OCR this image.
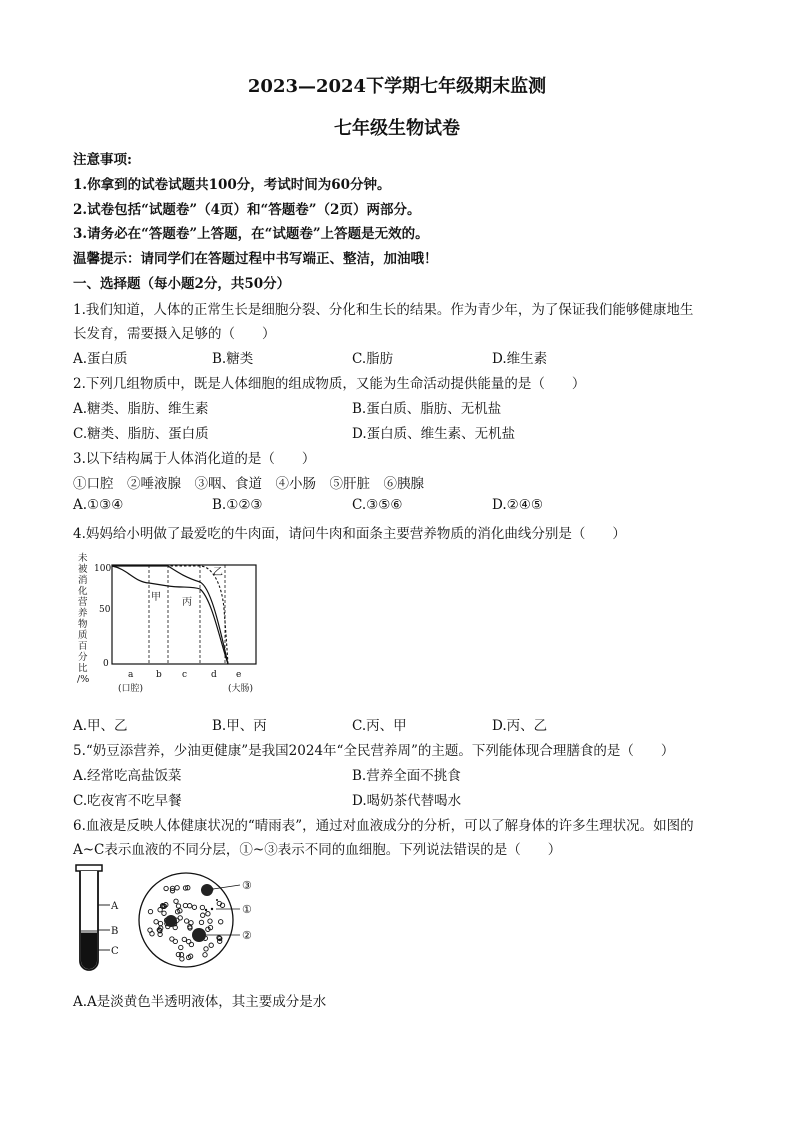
2023—2024下学期七年级期末监测
七年级生物试卷
注意事项:
1.你拿到的试卷试题共100分，考试时间为60分钟。
2.试卷包括“试题卷”（4页）和“答题卷”（2页）两部分。
3.请务必在“答题卷”上答题，在“试题卷”上答题是无效的。
温馨提示：请同学们在答题过程中书写端正、整洁，加油哦！
一、选择题（每小题2分，共50分）
1.我们知道，人体的正常生长是细胞分裂、分化和生长的结果。作为青少年，为了保证我们能够健康地生
长发育，需要摄入足够的（　　）
A.蛋白质	B.糖类	C.脂肪	D.维生素
2.下列几组物质中，既是人体细胞的组成物质，又能为生命活动提供能量的是（　　）
A.糖类、脂肪、维生素	B.蛋白质、脂肪、无机盐
C.糖类、脂肪、蛋白质	D.蛋白质、维生素、无机盐
3.以下结构属于人体消化道的是（　　）
①口腔　②唾液腺　③咽、食道　④小肠　⑤肝脏　⑥胰腺
A.①③④	B.①②③	C.③⑤⑥	D.②④⑤
4.妈妈给小明做了最爱吃的牛肉面，请问牛肉和面条主要营养物质的消化曲线分别是（　　）
未
被
消
化
营
养
物
质
百
分
比
/%
100
50
0
甲
乙
丙
a	b c	d e
(口腔)	(大肠)
A.甲、乙	B.甲、丙	C.丙、甲	D.丙、乙
5.“奶豆添营养，少油更健康”是我国2024年“全民营养周”的主题。下列能体现合理膳食的是（　　）
A.经常吃高盐饭菜	B.营养全面不挑食
C.吃夜宵不吃早餐	D.喝奶茶代替喝水
6.血液是反映人体健康状况的“晴雨表”，通过对血液成分的分析，可以了解身体的许多生理状况。如图的
A~C表示血液的不同分层，①~③表示不同的血细胞。下列说法错误的是（　　）
A
B
C
③
①
②
A.A是淡黄色半透明液体，其主要成分是水
